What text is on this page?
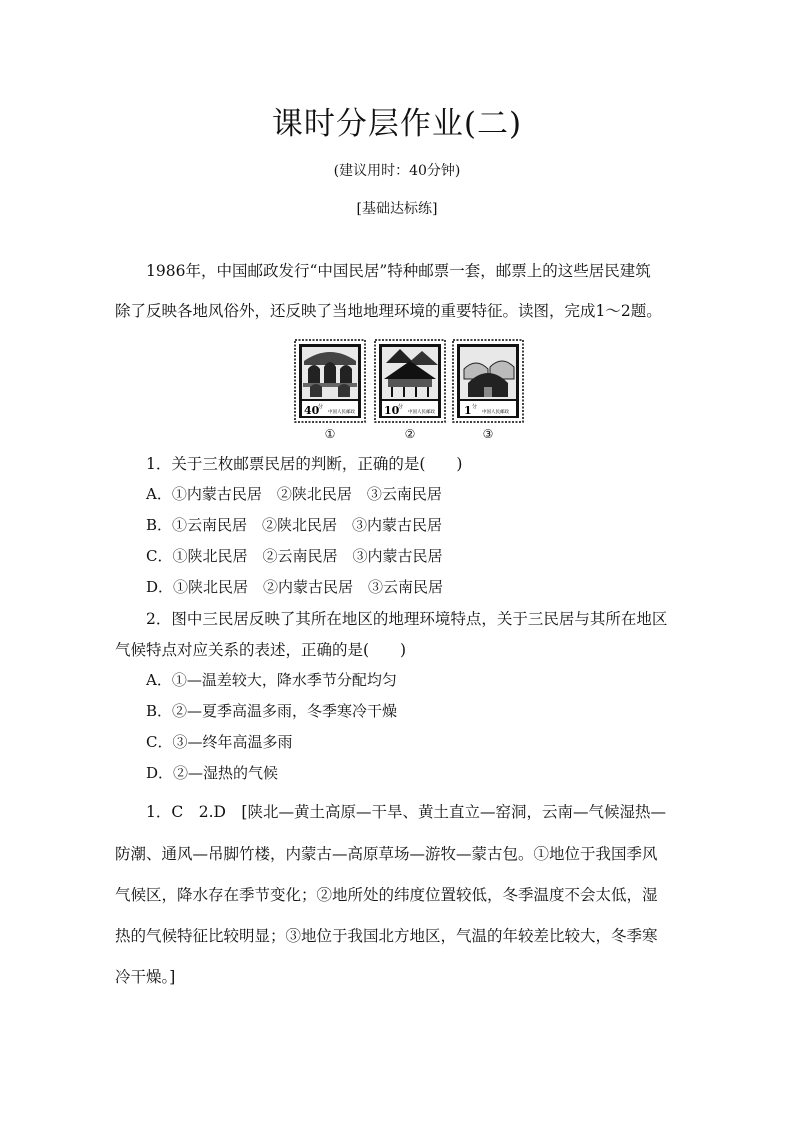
课时分层作业(二)
(建议用时：40分钟)
[基础达标练]
1986年，中国邮政发行“中国民居”特种邮票一套，邮票上的这些居民建筑
除了反映各地风俗外，还反映了当地地理环境的重要特征。读图，完成1～2题。
40
分
中国人民邮政
①
10
分
中国人民邮政
②
1 分
中国人民邮政
③
1．关于三枚邮票民居的判断，正确的是(　　)
A．①内蒙古民居　②陕北民居　③云南民居
B．①云南民居　②陕北民居　③内蒙古民居
C．①陕北民居　②云南民居　③内蒙古民居
D．①陕北民居　②内蒙古民居　③云南民居
2．图中三民居反映了其所在地区的地理环境特点，关于三民居与其所在地区
气候特点对应关系的表述，正确的是(　　)
A．①—温差较大，降水季节分配均匀
B．②—夏季高温多雨，冬季寒冷干燥
C．③—终年高温多雨
D．②—湿热的气候
1．C　2.D　[陕北—黄土高原—干旱、黄土直立—窑洞，云南—气候湿热—
防潮、通风—吊脚竹楼，内蒙古—高原草场—游牧—蒙古包。①地位于我国季风
气候区，降水存在季节变化；②地所处的纬度位置较低，冬季温度不会太低，湿
热的气候特征比较明显；③地位于我国北方地区，气温的年较差比较大，冬季寒
冷干燥。]
